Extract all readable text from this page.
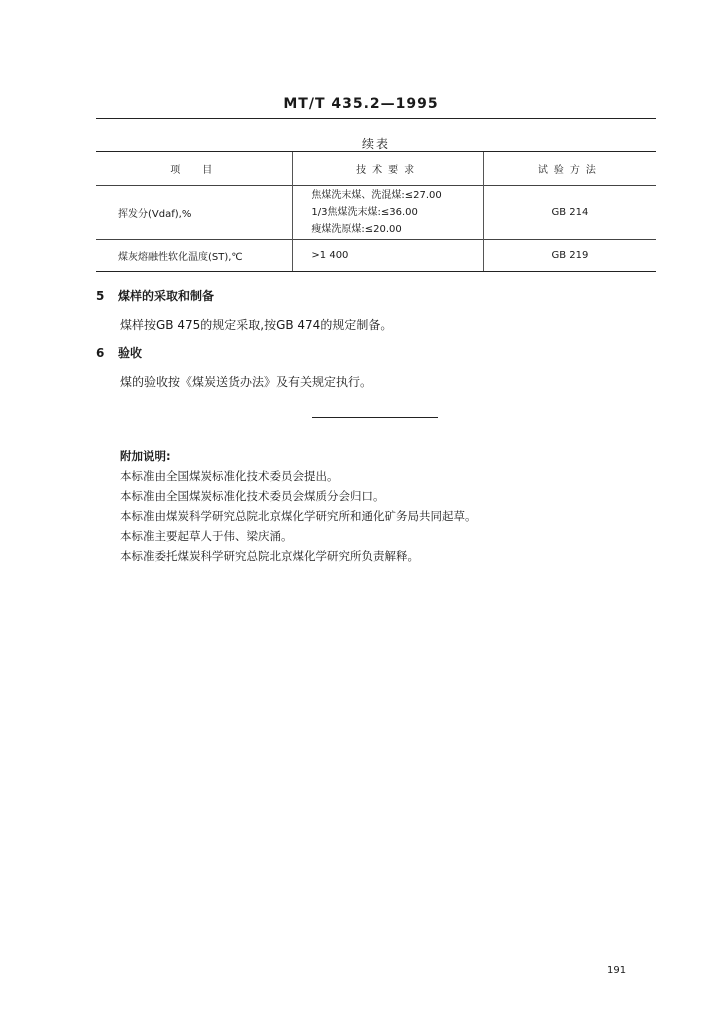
MT/T 435.2—1995
续表
项　目	技术要求	试验方法
挥发分(Vdaf),%	焦煤洗末煤、洗混煤:≤27.00
1/3焦煤洗末煤:≤36.00
瘦煤洗原煤:≤20.00	GB 214
煤灰熔融性软化温度(ST),℃	>1 400	GB 219
5 煤样的采取和制备
煤样按GB 475的规定采取,按GB 474的规定制备。
6 验收
煤的验收按《煤炭送货办法》及有关规定执行。
附加说明:
本标准由全国煤炭标准化技术委员会提出。
本标准由全国煤炭标准化技术委员会煤质分会归口。
本标准由煤炭科学研究总院北京煤化学研究所和通化矿务局共同起草。
本标准主要起草人于伟、梁庆涌。
本标准委托煤炭科学研究总院北京煤化学研究所负责解释。
191
